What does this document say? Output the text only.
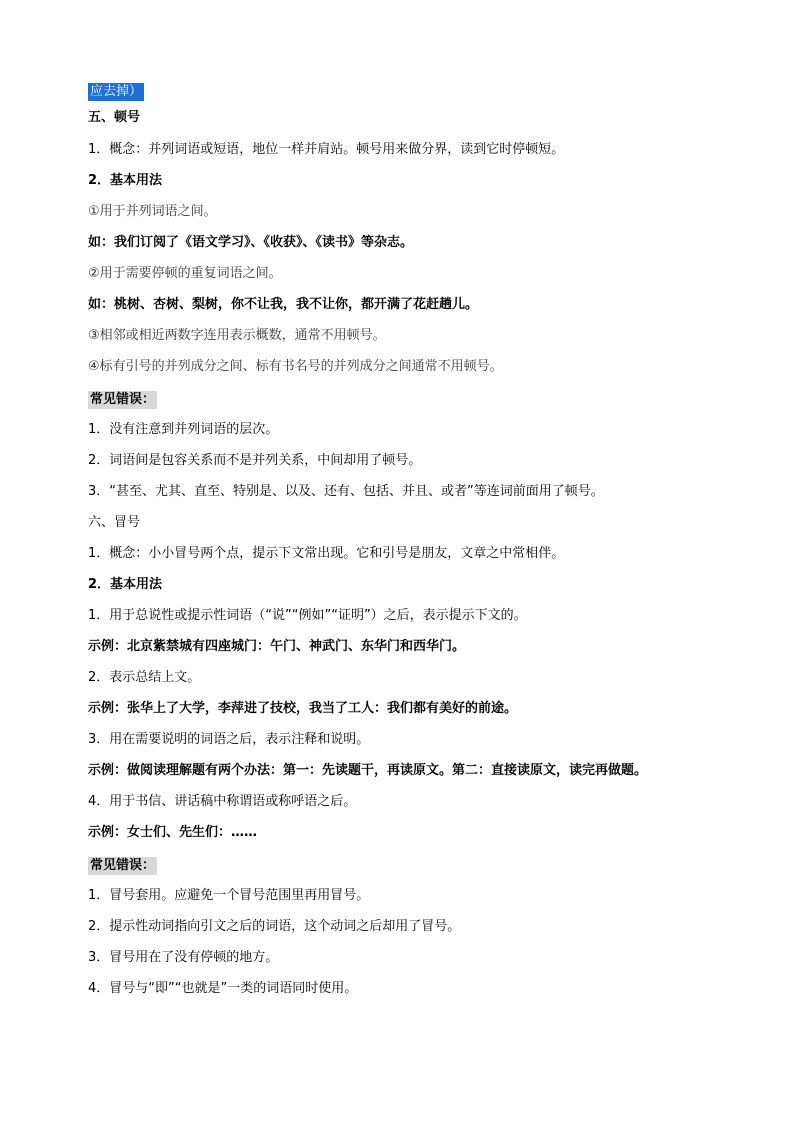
应去掉）
五、顿号
1．概念：并列词语或短语，地位一样并肩站。顿号用来做分界，读到它时停顿短。
2．基本用法
①用于并列词语之间。
如：我们订阅了《语文学习》、《收获》、《读书》等杂志。
②用于需要停顿的重复词语之间。
如：桃树、杏树、梨树，你不让我，我不让你，都开满了花赶趟儿。
③相邻或相近两数字连用表示概数，通常不用顿号。
④标有引号的并列成分之间、标有书名号的并列成分之间通常不用顿号。
常见错误：
1．没有注意到并列词语的层次。
2．词语间是包容关系而不是并列关系，中间却用了顿号。
3．“甚至、尤其、直至、特别是、以及、还有、包括、并且、或者”等连词前面用了顿号。
六、冒号
1．概念：小小冒号两个点，提示下文常出现。它和引号是朋友，文章之中常相伴。
2．基本用法
1．用于总说性或提示性词语（“说”“例如”“证明”）之后，表示提示下文的。
示例：北京紫禁城有四座城门：午门、神武门、东华门和西华门。
2．表示总结上文。
示例：张华上了大学，李萍进了技校，我当了工人：我们都有美好的前途。
3．用在需要说明的词语之后，表示注释和说明。
示例：做阅读理解题有两个办法：第一：先读题干，再读原文。第二：直接读原文，读完再做题。
4．用于书信、讲话稿中称谓语或称呼语之后。
示例：女士们、先生们：……
常见错误：
1．冒号套用。应避免一个冒号范围里再用冒号。
2．提示性动词指向引文之后的词语，这个动词之后却用了冒号。
3．冒号用在了没有停顿的地方。
4．冒号与“即”“也就是”一类的词语同时使用。
